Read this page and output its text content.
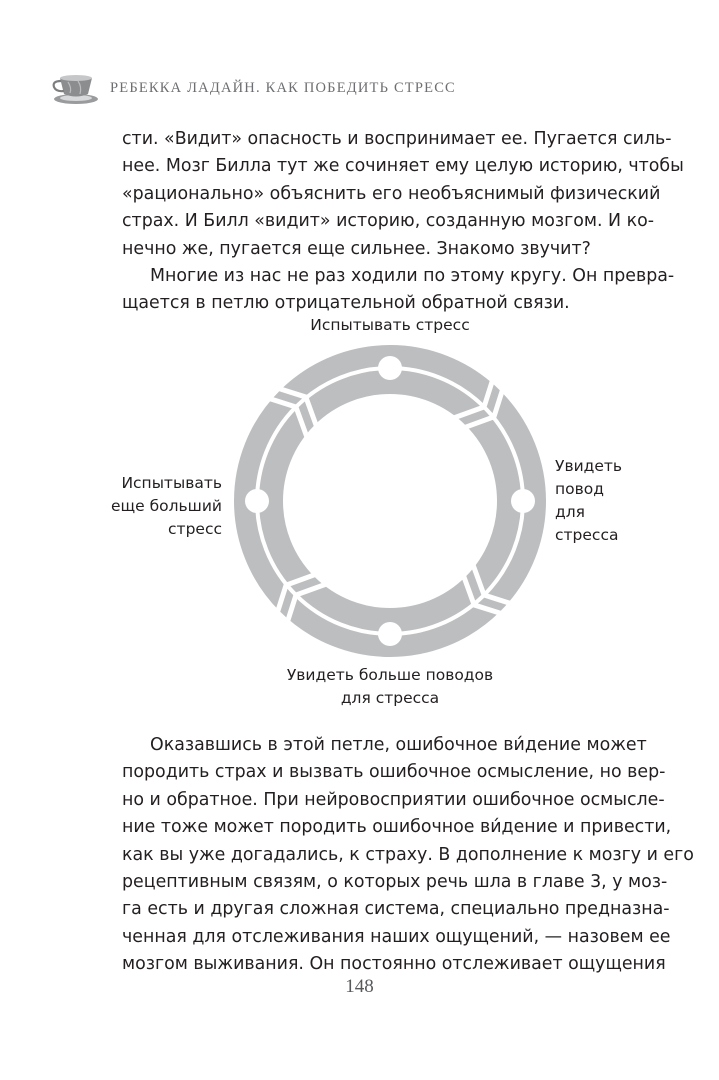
РЕБЕККА ЛАДАЙН. КАК ПОБЕДИТЬ СТРЕСС
сти. «Видит» опасность и воспринимает ее. Пугается силь-
нее. Мозг Билла тут же сочиняет ему целую историю, чтобы
«рационально» объяснить его необъяснимый физический
страх. И Билл «видит» историю, созданную мозгом. И ко-
нечно же, пугается еще сильнее. Знакомо звучит?
Многие из нас не раз ходили по этому кругу. Он превра-
щается в петлю отрицательной обратной связи.
Испытывать стресс
Увидеть
повод
для
стресса
Увидеть больше поводов
для стресса
Испытывать
еще больший
стресс
Оказавшись в этой петле, ошибочное ви́дение может
породить страх и вызвать ошибочное осмысление, но вер-
но и обратное. При нейровосприятии ошибочное осмысле-
ние тоже может породить ошибочное ви́дение и привести,
как вы уже догадались, к страху. В дополнение к мозгу и его
рецептивным связям, о которых речь шла в главе 3, у моз-
га есть и другая сложная система, специально предназна-
ченная для отслеживания наших ощущений, — назовем ее
мозгом выживания. Он постоянно отслеживает ощущения
148
